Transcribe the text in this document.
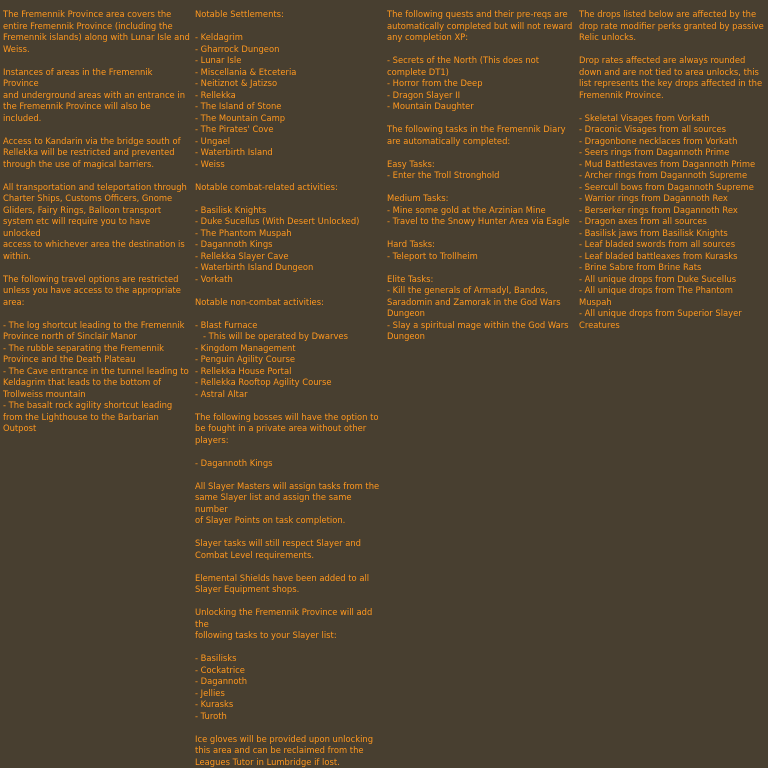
The Fremennik Province area covers the
entire Fremennik Province (including the
Fremennik islands) along with Lunar Isle and
Weiss.
Instances of areas in the Fremennik Province
and underground areas with an entrance in
the Fremennik Province will also be included.
Access to Kandarin via the bridge south of
Rellekka will be restricted and prevented
through the use of magical barriers.
All transportation and teleportation through
Charter Ships, Customs Officers, Gnome
Gliders, Fairy Rings, Balloon transport
system etc will require you to have unlocked
access to whichever area the destination is
within.
The following travel options are restricted
unless you have access to the appropriate
area:
- The log shortcut leading to the Fremennik
Province north of Sinclair Manor
- The rubble separating the Fremennik
Province and the Death Plateau
- The Cave entrance in the tunnel leading to
Keldagrim that leads to the bottom of
Trollweiss mountain
- The basalt rock agility shortcut leading
from the Lighthouse to the Barbarian Outpost
Notable Settlements:
- Keldagrim
- Gharrock Dungeon
- Lunar Isle
- Miscellania & Etceteria
- Neitiznot & Jatizso
- Rellekka
- The Island of Stone
- The Mountain Camp
- The Pirates' Cove
- Ungael
- Waterbirth Island
- Weiss
Notable combat-related activities:
- Basilisk Knights
- Duke Sucellus (With Desert Unlocked)
- The Phantom Muspah
- Dagannoth Kings
- Rellekka Slayer Cave
- Waterbirth Island Dungeon
- Vorkath
Notable non-combat activities:
- Blast Furnace
- This will be operated by Dwarves
- Kingdom Management
- Penguin Agility Course
- Rellekka House Portal
- Rellekka Rooftop Agility Course
- Astral Altar
The following bosses will have the option to
be fought in a private area without other
players:
- Dagannoth Kings
All Slayer Masters will assign tasks from the
same Slayer list and assign the same number
of Slayer Points on task completion.
Slayer tasks will still respect Slayer and
Combat Level requirements.
Elemental Shields have been added to all
Slayer Equipment shops.
Unlocking the Fremennik Province will add the
following tasks to your Slayer list:
- Basilisks
- Cockatrice
- Dagannoth
- Jellies
- Kurasks
- Turoth
Ice gloves will be provided upon unlocking
this area and can be reclaimed from the
Leagues Tutor in Lumbridge if lost.
The following quests and their pre-reqs are
automatically completed but will not reward
any completion XP:
- Secrets of the North (This does not
complete DT1)
- Horror from the Deep
- Dragon Slayer II
- Mountain Daughter
The following tasks in the Fremennik Diary
are automatically completed:
Easy Tasks:
- Enter the Troll Stronghold
Medium Tasks:
- Mine some gold at the Arzinian Mine
- Travel to the Snowy Hunter Area via Eagle
Hard Tasks:
- Teleport to Trollheim
Elite Tasks:
- Kill the generals of Armadyl, Bandos,
Saradomin and Zamorak in the God Wars
Dungeon
- Slay a spiritual mage within the God Wars
Dungeon
The drops listed below are affected by the
drop rate modifier perks granted by passive
Relic unlocks.
Drop rates affected are always rounded
down and are not tied to area unlocks, this
list represents the key drops affected in the
Fremennik Province.
- Skeletal Visages from Vorkath
- Draconic Visages from all sources
- Dragonbone necklaces from Vorkath
- Seers rings from Dagannoth Prime
- Mud Battlestaves from Dagannoth Prime
- Archer rings from Dagannoth Supreme
- Seercull bows from Dagannoth Supreme
- Warrior rings from Dagannoth Rex
- Berserker rings from Dagannoth Rex
- Dragon axes from all sources
- Basilisk jaws from Basilisk Knights
- Leaf bladed swords from all sources
- Leaf bladed battleaxes from Kurasks
- Brine Sabre from Brine Rats
- All unique drops from Duke Sucellus
- All unique drops from The Phantom Muspah
- All unique drops from Superior Slayer
Creatures
